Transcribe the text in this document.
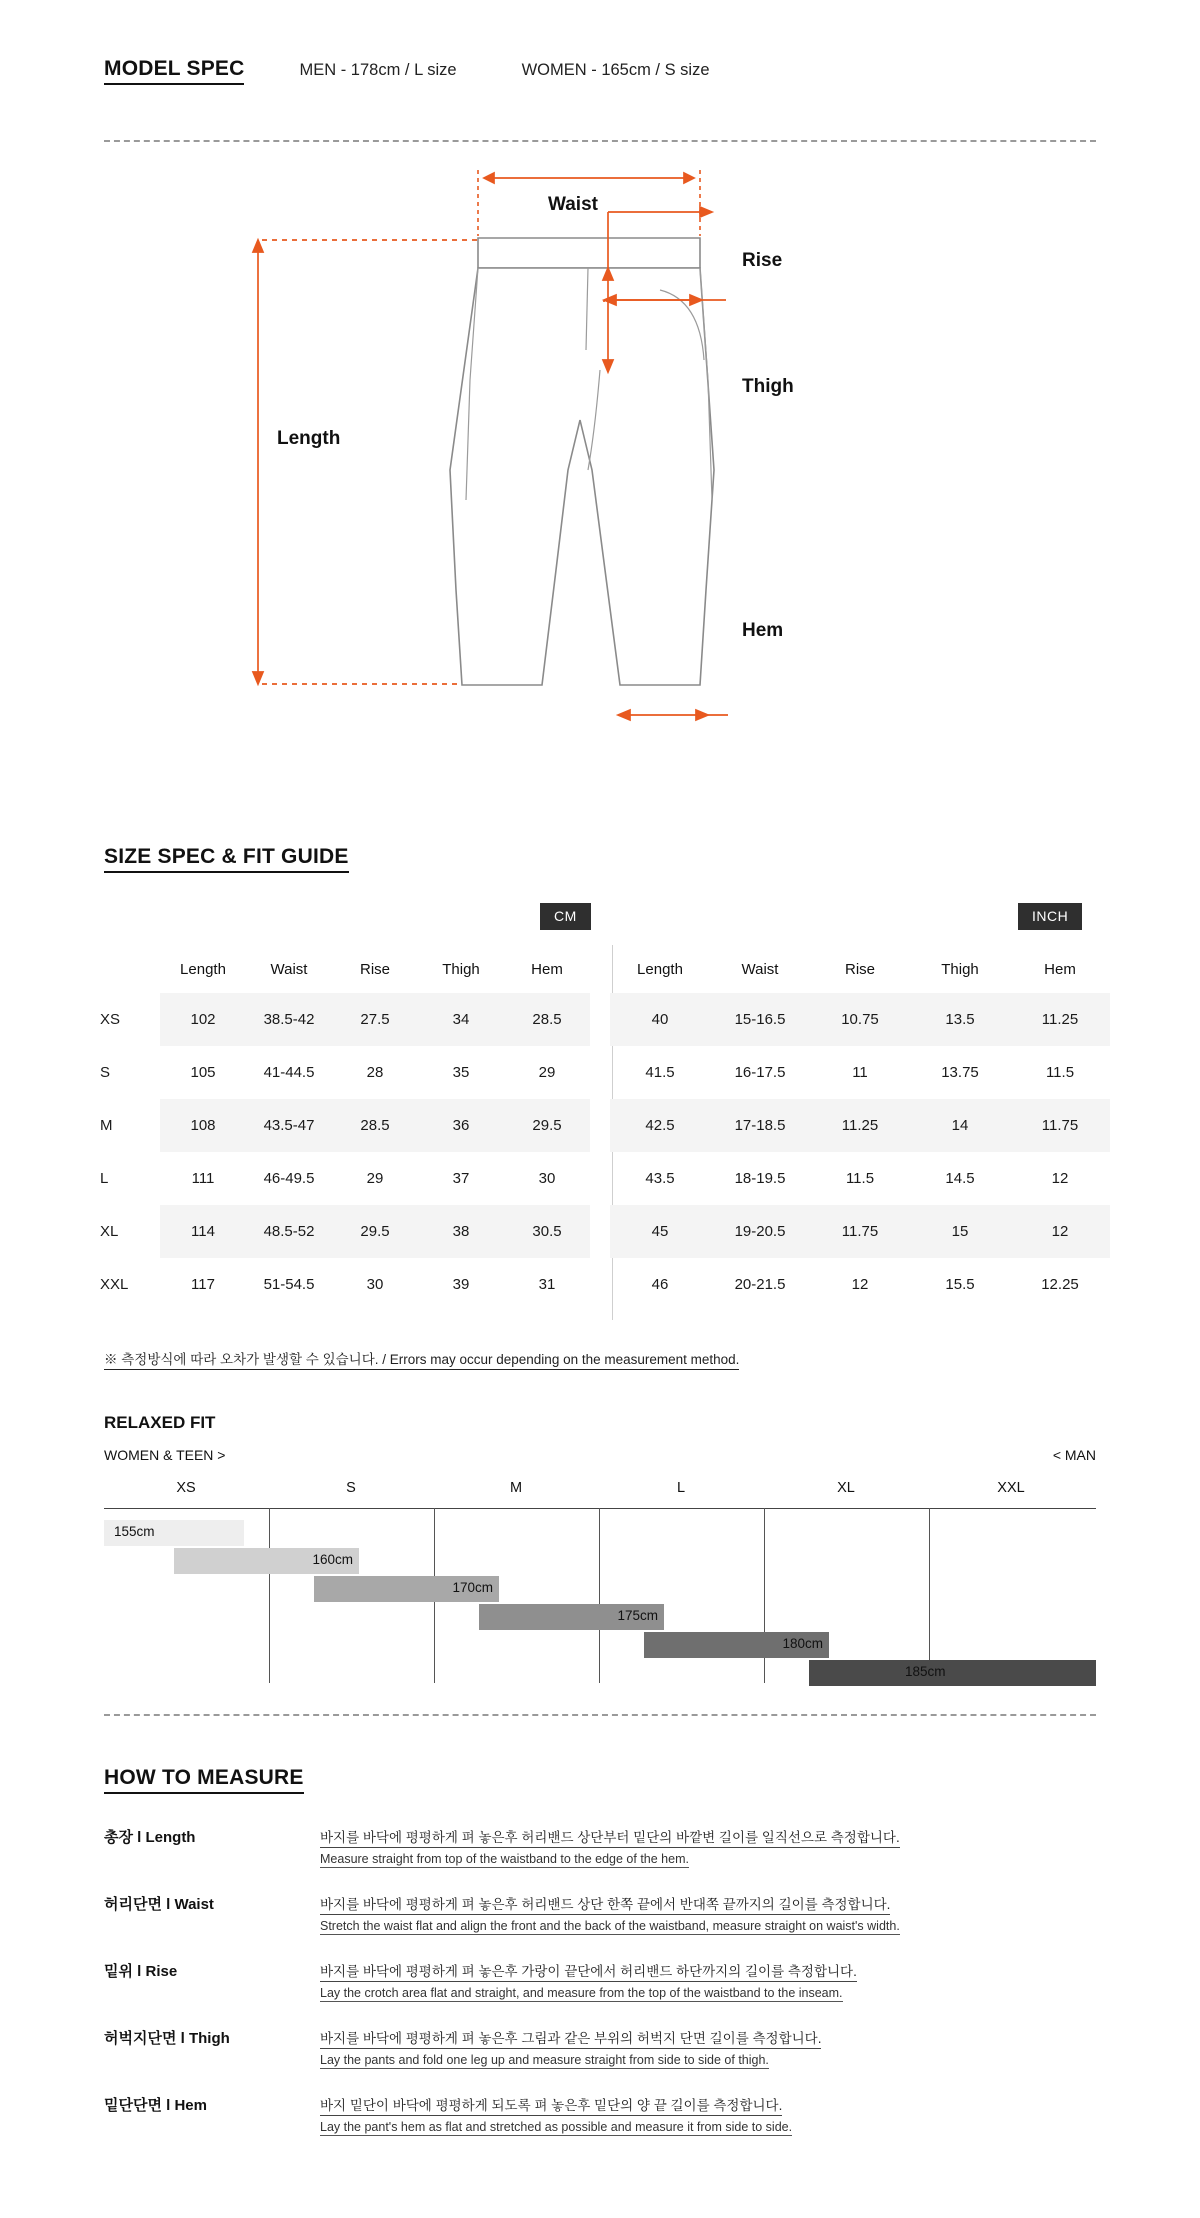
MODEL SPEC	MEN - 178cm / L size	WOMEN - 165cm / S size
Waist
Rise
Thigh
Length
Hem
SIZE SPEC & FIT GUIDE
CM	INCH
	Length	Waist	Rise	Thigh	Hem
XS	102	38.5-42	27.5	34	28.5
S	105	41-44.5	28	35	29
M	108	43.5-47	28.5	36	29.5
L	111	46-49.5	29	37	30
XL	114	48.5-52	29.5	38	30.5
XXL	117	51-54.5	30	39	31
Length	Waist	Rise	Thigh	Hem
40	15-16.5	10.75	13.5	11.25
41.5	16-17.5	11	13.75	11.5
42.5	17-18.5	11.25	14	11.75
43.5	18-19.5	11.5	14.5	12
45	19-20.5	11.75	15	12
46	20-21.5	12	15.5	12.25
※ 측정방식에 따라 오차가 발생할 수 있습니다. / Errors may occur depending on the measurement method.
RELAXED FIT
WOMEN & TEEN >	< MAN
XS	S	M	L	XL	XXL
155cm
160cm
170cm
175cm
180cm
185cm
HOW TO MEASURE
총장 l Length	바지를 바닥에 평평하게 펴 놓은후 허리밴드 상단부터 밑단의 바깥변 길이를 일직선으로 측정합니다.
Measure straight from top of the waistband to the edge of the hem.
허리단면 l Waist	바지를 바닥에 평평하게 펴 놓은후 허리밴드 상단 한쪽 끝에서 반대쪽 끝까지의 길이를 측정합니다.
Stretch the waist flat and align the front and the back of the waistband, measure straight on waist's width.
밑위 l Rise	바지를 바닥에 평평하게 펴 놓은후 가랑이 끝단에서 허리밴드 하단까지의 길이를 측정합니다.
Lay the crotch area flat and straight, and measure from the top of the waistband to the inseam.
허벅지단면 l Thigh	바지를 바닥에 평평하게 펴 놓은후 그림과 같은 부위의 허벅지 단면 길이를 측정합니다.
Lay the pants and fold one leg up and measure straight from side to side of thigh.
밑단단면 l Hem	바지 밑단이 바닥에 평평하게 되도록 펴 놓은후 밑단의 양 끝 길이를 측정합니다.
Lay the pant's hem as flat and stretched as possible and measure it from side to side.
